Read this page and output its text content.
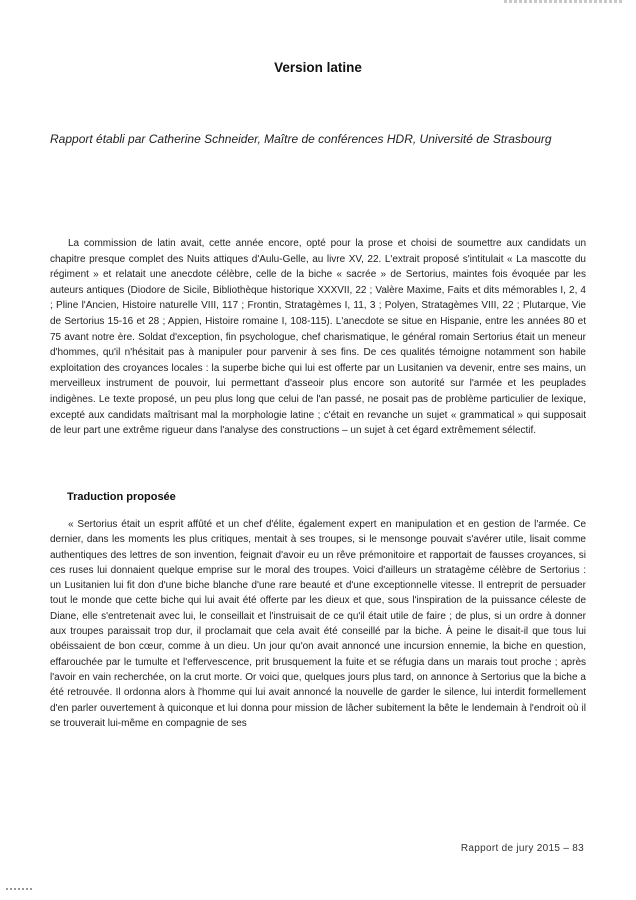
Version latine
Rapport établi par Catherine Schneider, Maître de conférences HDR, Université de Strasbourg

La commission de latin avait, cette année encore, opté pour la prose et choisi de soumettre aux candidats un chapitre presque complet des Nuits attiques d'Aulu-Gelle, au livre XV, 22. L'extrait proposé s'intitulait « La mascotte du régiment » et relatait une anecdote célèbre, celle de la biche « sacrée » de Sertorius, maintes fois évoquée par les auteurs antiques (Diodore de Sicile, Bibliothèque historique XXXVII, 22 ; Valère Maxime, Faits et dits mémorables I, 2, 4 ; Pline l'Ancien, Histoire naturelle VIII, 117 ; Frontin, Stratagèmes I, 11, 3 ; Polyen, Stratagèmes VIII, 22 ; Plutarque, Vie de Sertorius 15-16 et 28 ; Appien, Histoire romaine I, 108-115). L'anecdote se situe en Hispanie, entre les années 80 et 75 avant notre ère. Soldat d'exception, fin psychologue, chef charismatique, le général romain Sertorius était un meneur d'hommes, qu'il n'hésitait pas à manipuler pour parvenir à ses fins. De ces qualités témoigne notamment son habile exploitation des croyances locales : la superbe biche qui lui est offerte par un Lusitanien va devenir, entre ses mains, un merveilleux instrument de pouvoir, lui permettant d'asseoir plus encore son autorité sur l'armée et les peuplades indigènes. Le texte proposé, un peu plus long que celui de l'an passé, ne posait pas de problème particulier de lexique, excepté aux candidats maîtrisant mal la morphologie latine ; c'était en revanche un sujet « grammatical » qui supposait de leur part une extrême rigueur dans l'analyse des constructions – un sujet à cet égard extrêmement sélectif.

Traduction proposée

« Sertorius était un esprit affûté et un chef d'élite, également expert en manipulation et en gestion de l'armée. Ce dernier, dans les moments les plus critiques, mentait à ses troupes, si le mensonge pouvait s'avérer utile, lisait comme authentiques des lettres de son invention, feignait d'avoir eu un rêve prémonitoire et rapportait de fausses croyances, si ces ruses lui donnaient quelque emprise sur le moral des troupes. Voici d'ailleurs un stratagème célèbre de Sertorius : un Lusitanien lui fit don d'une biche blanche d'une rare beauté et d'une exceptionnelle vitesse. Il entreprit de persuader tout le monde que cette biche qui lui avait été offerte par les dieux et que, sous l'inspiration de la puissance céleste de Diane, elle s'entretenait avec lui, le conseillait et l'instruisait de ce qu'il était utile de faire ; de plus, si un ordre à donner aux troupes paraissait trop dur, il proclamait que cela avait été conseillé par la biche. À peine le disait-il que tous lui obéissaient de bon cœur, comme à un dieu. Un jour qu'on avait annoncé une incursion ennemie, la biche en question, effarouchée par le tumulte et l'effervescence, prit brusquement la fuite et se réfugia dans un marais tout proche ; après l'avoir en vain recherchée, on la crut morte. Or voici que, quelques jours plus tard, on annonce à Sertorius que la biche a été retrouvée. Il ordonna alors à l'homme qui lui avait annoncé la nouvelle de garder le silence, lui interdit formellement d'en parler ouvertement à quiconque et lui donna pour mission de lâcher subitement la bête le lendemain à l'endroit où il se trouverait lui-même en compagnie de ses

Rapport de jury 2015 – 83
